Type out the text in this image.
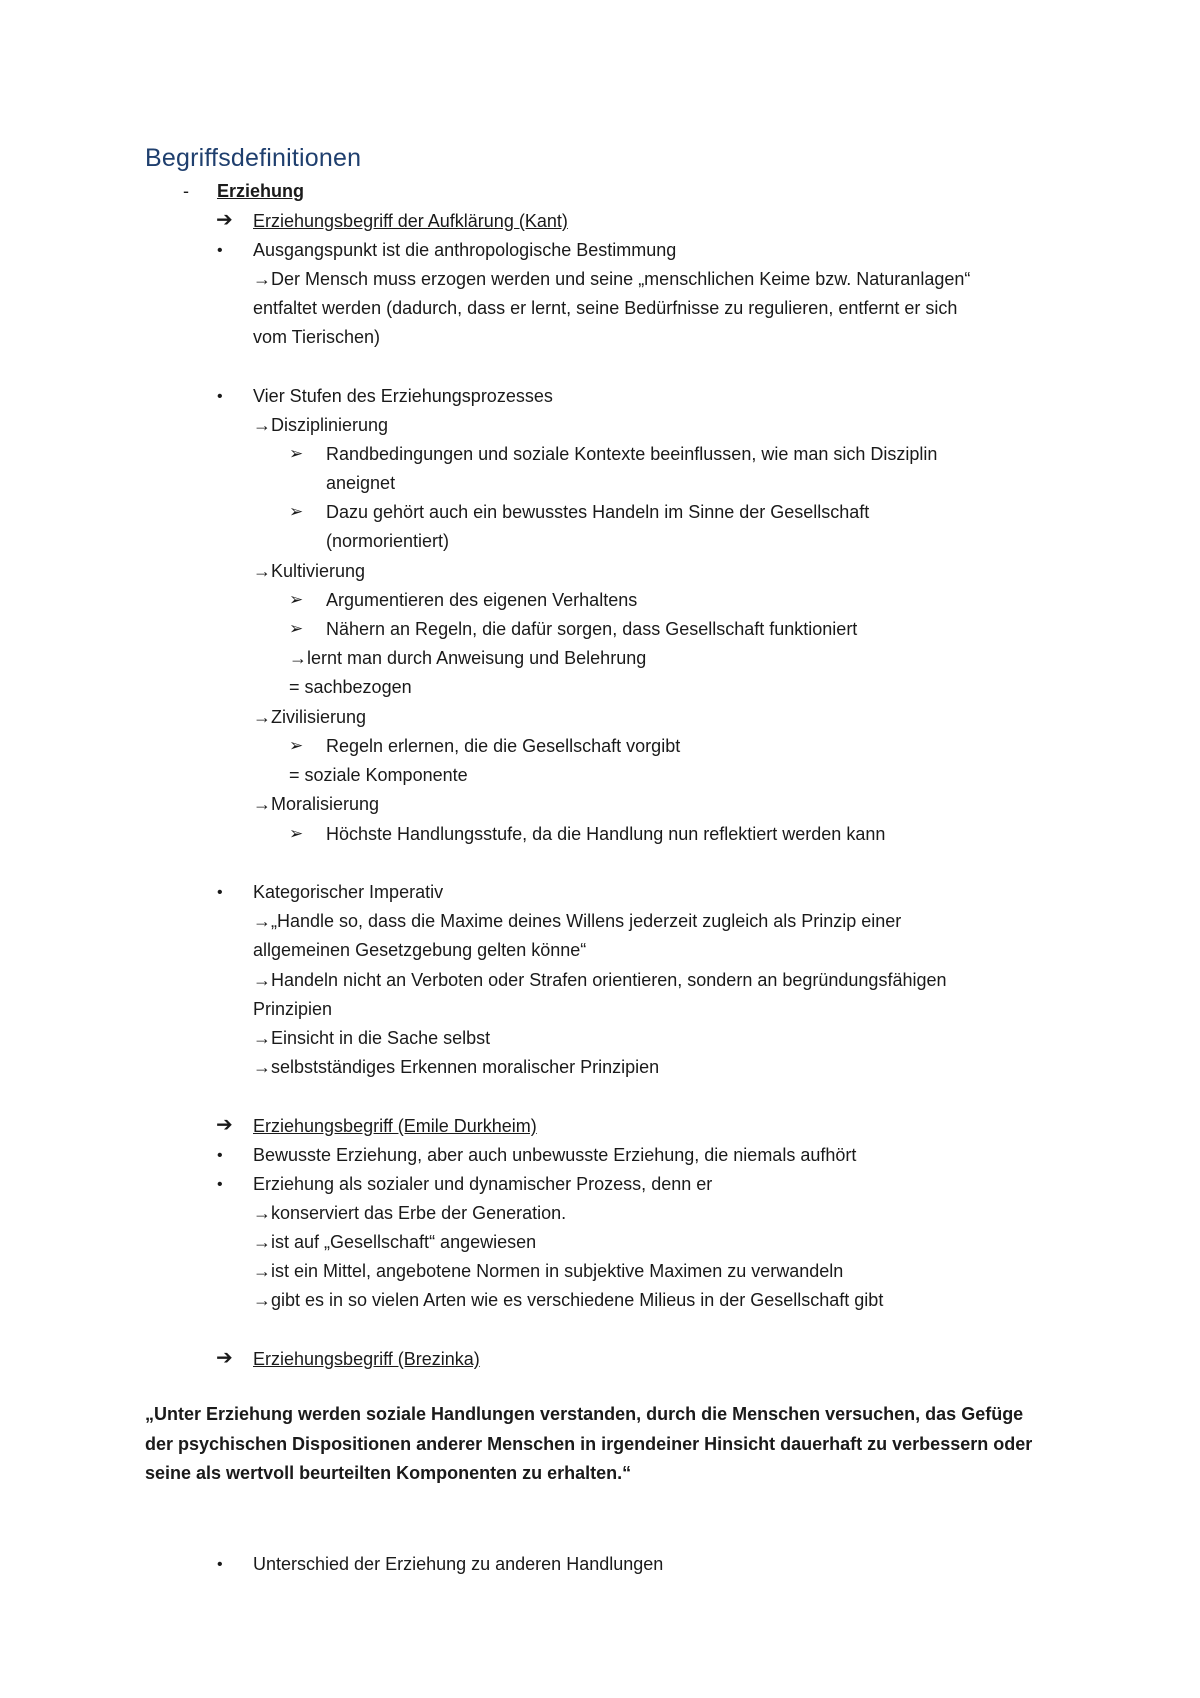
Begriffsdefinitionen
- Erziehung
➔ Erziehungsbegriff der Aufklärung (Kant)
• Ausgangspunkt ist die anthropologische Bestimmung
→Der Mensch muss erzogen werden und seine „menschlichen Keime bzw. Naturanlagen“
entfaltet werden (dadurch, dass er lernt, seine Bedürfnisse zu regulieren, entfernt er sich
vom Tierischen)
• Vier Stufen des Erziehungsprozesses
→Disziplinierung
➢ Randbedingungen und soziale Kontexte beeinflussen, wie man sich Disziplin
aneignet
➢ Dazu gehört auch ein bewusstes Handeln im Sinne der Gesellschaft
(normorientiert)
→Kultivierung
➢ Argumentieren des eigenen Verhaltens
➢ Nähern an Regeln, die dafür sorgen, dass Gesellschaft funktioniert
→lernt man durch Anweisung und Belehrung
= sachbezogen
→Zivilisierung
➢ Regeln erlernen, die die Gesellschaft vorgibt
= soziale Komponente
→Moralisierung
➢ Höchste Handlungsstufe, da die Handlung nun reflektiert werden kann
• Kategorischer Imperativ
→„Handle so, dass die Maxime deines Willens jederzeit zugleich als Prinzip einer
allgemeinen Gesetzgebung gelten könne“
→Handeln nicht an Verboten oder Strafen orientieren, sondern an begründungsfähigen
Prinzipien
→Einsicht in die Sache selbst
→selbstständiges Erkennen moralischer Prinzipien
➔ Erziehungsbegriff (Emile Durkheim)
• Bewusste Erziehung, aber auch unbewusste Erziehung, die niemals aufhört
• Erziehung als sozialer und dynamischer Prozess, denn er
→konserviert das Erbe der Generation.
→ist auf „Gesellschaft“ angewiesen
→ist ein Mittel, angebotene Normen in subjektive Maximen zu verwandeln
→gibt es in so vielen Arten wie es verschiedene Milieus in der Gesellschaft gibt
➔ Erziehungsbegriff (Brezinka)
„Unter Erziehung werden soziale Handlungen verstanden, durch die Menschen versuchen, das Gefüge der psychischen Dispositionen anderer Menschen in irgendeiner Hinsicht dauerhaft zu verbessern oder seine als wertvoll beurteilten Komponenten zu erhalten.“
• Unterschied der Erziehung zu anderen Handlungen
